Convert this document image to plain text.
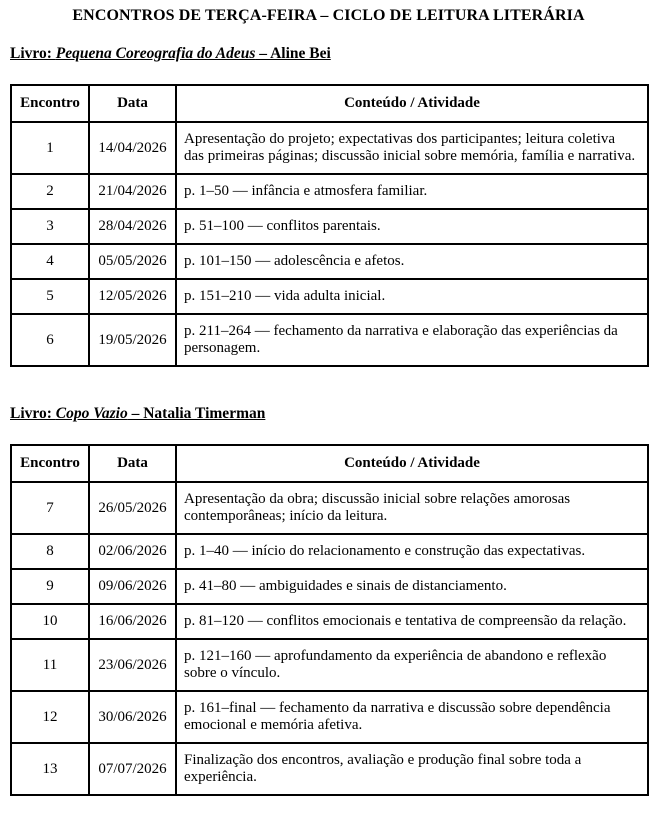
ENCONTROS DE TERÇA-FEIRA – CICLO DE LEITURA LITERÁRIA
Livro: Pequena Coreografia do Adeus – Aline Bei
Encontro	Data	Conteúdo / Atividade
1	14/04/2026	Apresentação do projeto; expectativas dos participantes; leitura coletiva das primeiras páginas; discussão inicial sobre memória, família e narrativa.
2	21/04/2026	p. 1–50 — infância e atmosfera familiar.
3	28/04/2026	p. 51–100 — conflitos parentais.
4	05/05/2026	p. 101–150 — adolescência e afetos.
5	12/05/2026	p. 151–210 — vida adulta inicial.
6	19/05/2026	p. 211–264 — fechamento da narrativa e elaboração das experiências da personagem.
Livro: Copo Vazio – Natalia Timerman
Encontro	Data	Conteúdo / Atividade
7	26/05/2026	Apresentação da obra; discussão inicial sobre relações amorosas contemporâneas; início da leitura.
8	02/06/2026	p. 1–40 — início do relacionamento e construção das expectativas.
9	09/06/2026	p. 41–80 — ambiguidades e sinais de distanciamento.
10	16/06/2026	p. 81–120 — conflitos emocionais e tentativa de compreensão da relação.
11	23/06/2026	p. 121–160 — aprofundamento da experiência de abandono e reflexão sobre o vínculo.
12	30/06/2026	p. 161–final — fechamento da narrativa e discussão sobre dependência emocional e memória afetiva.
13	07/07/2026	Finalização dos encontros, avaliação e produção final sobre toda a experiência.
